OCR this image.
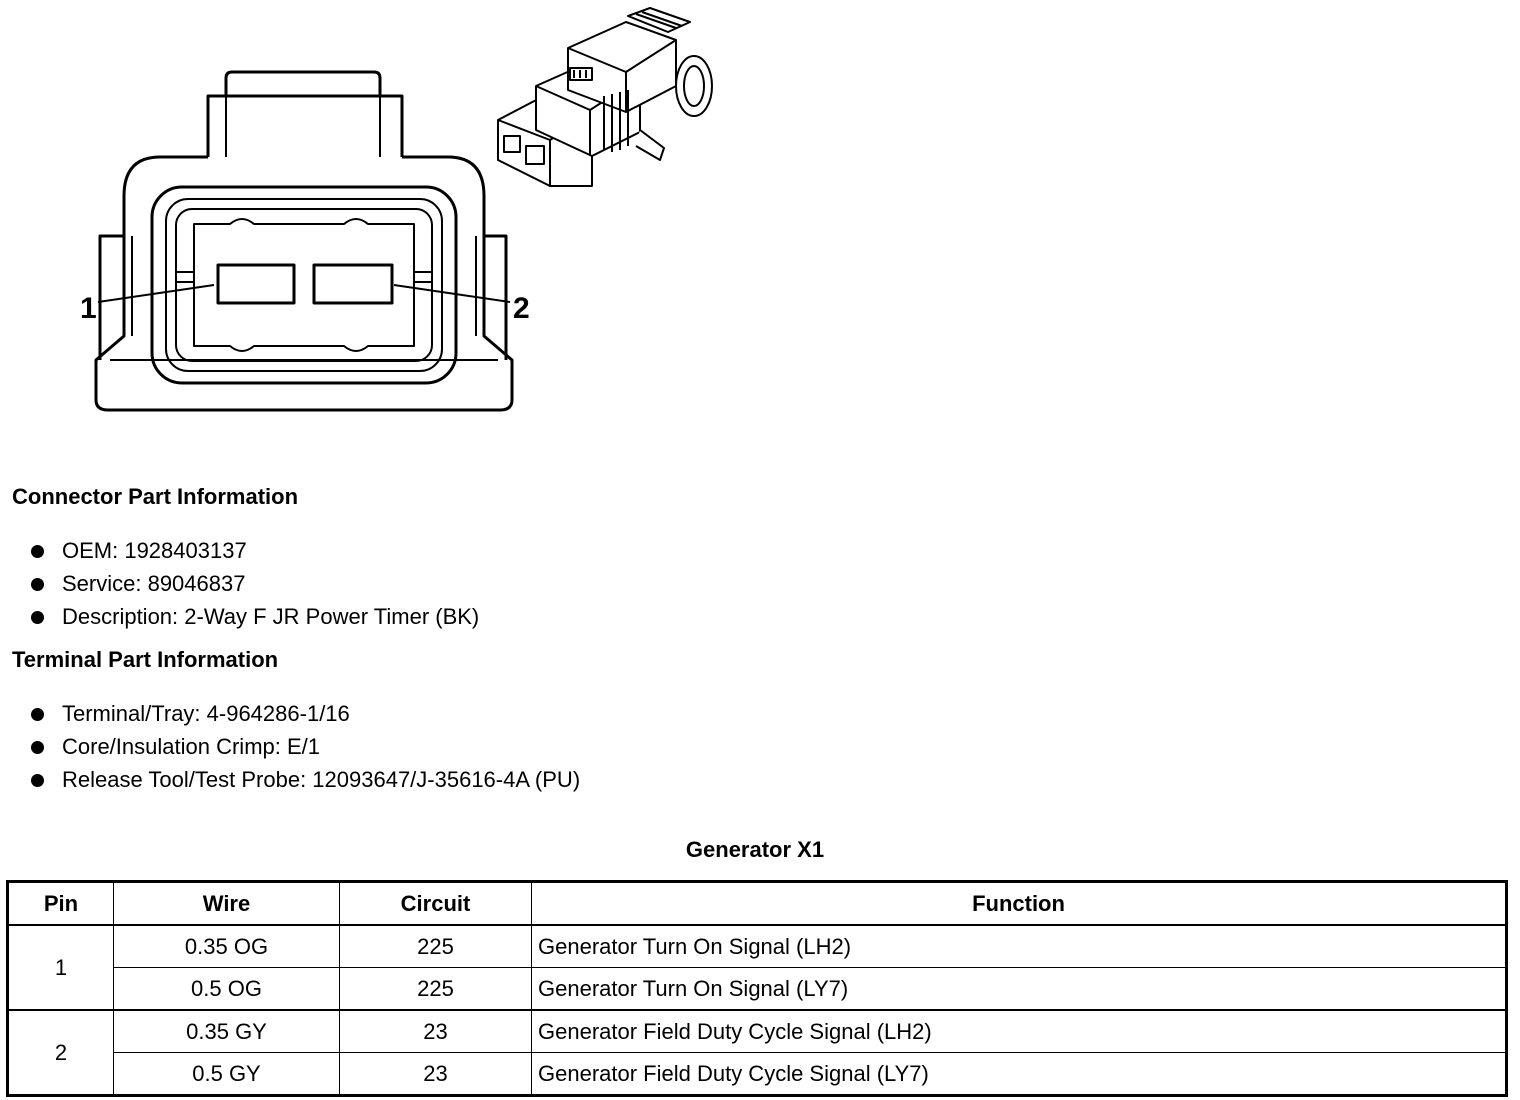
1	2
Connector Part Information
OEM: 1928403137
Service: 89046837
Description: 2-Way F JR Power Timer (BK)
Terminal Part Information
Terminal/Tray: 4-964286-1/16
Core/Insulation Crimp: E/1
Release Tool/Test Probe: 12093647/J-35616-4A (PU)
Generator X1
Pin	Wire	Circuit	Function
1	0.35 OG	225	Generator Turn On Signal (LH2)
	0.5 OG	225	Generator Turn On Signal (LY7)
2	0.35 GY	23	Generator Field Duty Cycle Signal (LH2)
	0.5 GY	23	Generator Field Duty Cycle Signal (LY7)
